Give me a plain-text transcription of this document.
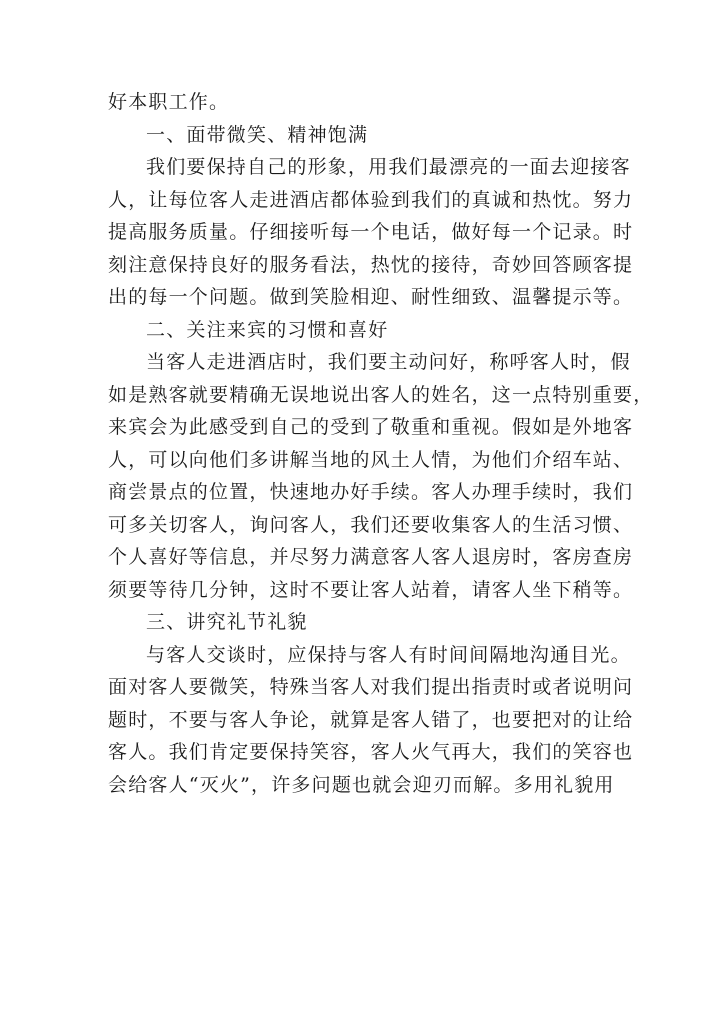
好本职工作。

一、面带微笑、精神饱满

我们要保持自己的形象，用我们最漂亮的一面去迎接客
人，让每位客人走进酒店都体验到我们的真诚和热忱。努力
提高服务质量。仔细接听每一个电话，做好每一个记录。时
刻注意保持良好的服务看法，热忱的接待，奇妙回答顾客提
出的每一个问题。做到笑脸相迎、耐性细致、温馨提示等。

二、关注来宾的习惯和喜好

当客人走进酒店时，我们要主动问好，称呼客人时，假
如是熟客就要精确无误地说出客人的姓名，这一点特别重要，
来宾会为此感受到自己的受到了敬重和重视。假如是外地客
人，可以向他们多讲解当地的风土人情，为他们介绍车站、
商尝景点的位置，快速地办好手续。客人办理手续时，我们
可多关切客人，询问客人，我们还要收集客人的生活习惯、
个人喜好等信息，并尽努力满意客人客人退房时，客房查房
须要等待几分钟，这时不要让客人站着，请客人坐下稍等。

三、讲究礼节礼貌

与客人交谈时，应保持与客人有时间间隔地沟通目光。
面对客人要微笑，特殊当客人对我们提出指责时或者说明问
题时，不要与客人争论，就算是客人错了，也要把对的让给
客人。我们肯定要保持笑容，客人火气再大，我们的笑容也
会给客人“灭火”，许多问题也就会迎刃而解。多用礼貌用
